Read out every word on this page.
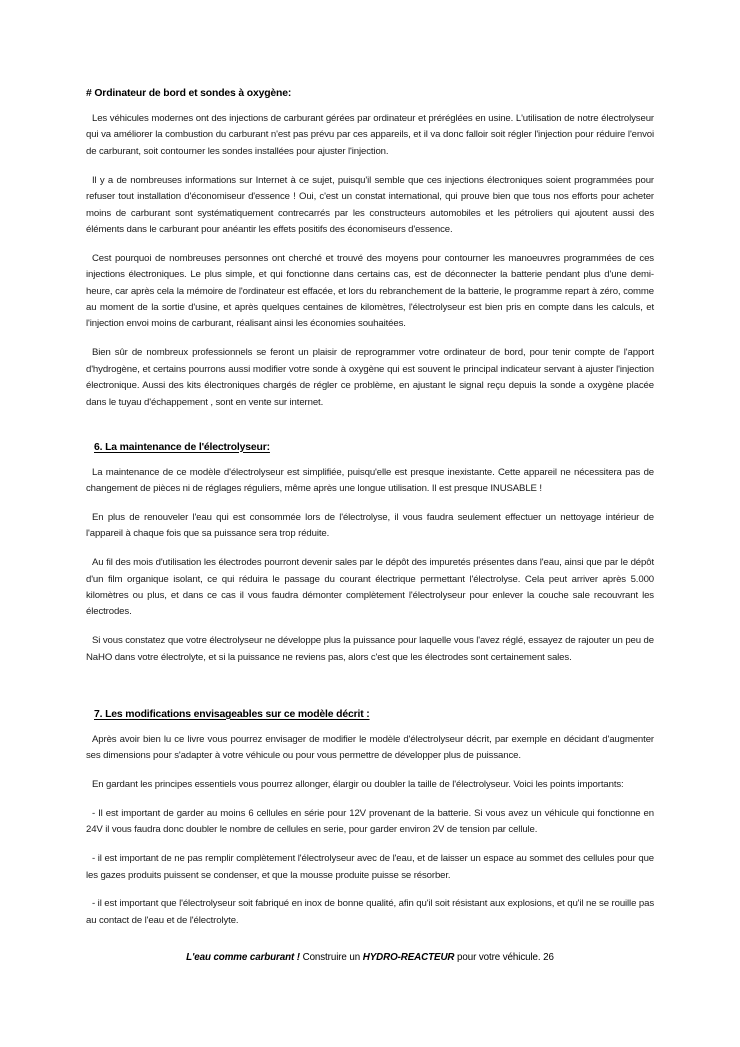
# Ordinateur de bord et sondes à oxygène:

Les véhicules modernes ont des injections de carburant gérées par ordinateur et préréglées en usine. L'utilisation de notre électrolyseur qui va améliorer la combustion du carburant n'est pas prévu par ces appareils, et il va donc falloir soit régler l'injection pour réduire l'envoi de carburant, soit contourner les sondes installées pour ajuster l'injection.

Il y a de nombreuses informations sur Internet à ce sujet, puisqu'il semble que ces injections électroniques soient programmées pour refuser tout installation d'économiseur d'essence ! Oui, c'est un constat international, qui prouve bien que tous nos efforts pour acheter moins de carburant sont systématiquement contrecarrés par les constructeurs automobiles et les pétroliers qui ajoutent aussi des éléments dans le carburant pour anéantir les effets positifs des économiseurs d'essence.

Cest pourquoi de nombreuses personnes ont cherché et trouvé des moyens pour contourner les manoeuvres programmées de ces injections électroniques. Le plus simple, et qui fonctionne dans certains cas, est de déconnecter la batterie pendant plus d'une demi-heure, car après cela la mémoire de l'ordinateur est effacée, et lors du rebranchement de la batterie, le programme repart à zéro, comme au moment de la sortie d'usine, et après quelques centaines de kilomètres, l'électrolyseur est bien pris en compte dans les calculs, et l'injection envoi moins de carburant, réalisant ainsi les économies souhaitées.

Bien sûr de nombreux professionnels se feront un plaisir de reprogrammer votre ordinateur de bord, pour tenir compte de l'apport d'hydrogène, et certains pourrons aussi modifier votre sonde à oxygène qui est souvent le principal indicateur servant à ajuster l'injection électronique. Aussi des kits électroniques chargés de régler ce problème, en ajustant le signal reçu depuis la sonde a oxygène placée dans le tuyau d'échappement , sont en vente sur internet.

6. La maintenance de l'électrolyseur:

La maintenance de ce modèle d'électrolyseur est simplifiée, puisqu'elle est presque inexistante. Cette appareil ne nécessitera pas de changement de pièces ni de réglages réguliers, même après une longue utilisation. Il est presque INUSABLE !

En plus de renouveler l'eau qui est consommée lors de l'électrolyse, il vous faudra seulement effectuer un nettoyage intérieur de l'appareil à chaque fois que sa puissance sera trop réduite.

Au fil des mois d'utilisation les électrodes pourront devenir sales par le dépôt des impuretés présentes dans l'eau, ainsi que par le dépôt d'un film organique isolant, ce qui réduira le passage du courant électrique permettant l'électrolyse. Cela peut arriver après 5.000 kilomètres ou plus, et dans ce cas il vous faudra démonter complètement l'électrolyseur pour enlever la couche sale recouvrant les électrodes.

Si vous constatez que votre électrolyseur ne développe plus la puissance pour laquelle vous l'avez réglé, essayez de rajouter un peu de NaHO dans votre électrolyte, et si la puissance ne reviens pas, alors c'est que les électrodes sont certainement sales.

7. Les modifications envisageables sur ce modèle décrit :

Après avoir bien lu ce livre vous pourrez envisager de modifier le modèle d'électrolyseur décrit, par exemple en décidant d'augmenter ses dimensions pour s'adapter à votre véhicule ou pour vous permettre de développer plus de puissance.

En gardant les principes essentiels vous pourrez allonger, élargir ou doubler la taille de l'électrolyseur. Voici les points importants:

- Il est important de garder au moins 6 cellules en série pour 12V provenant de la batterie. Si vous avez un véhicule qui fonctionne en 24V il vous faudra donc doubler le nombre de cellules en serie, pour garder environ 2V de tension par cellule.

- il est important de ne pas remplir complètement l'électrolyseur avec de l'eau, et de laisser un espace au sommet des cellules pour que les gazes produits puissent se condenser, et que la mousse produite puisse se résorber.

- il est important que l'électrolyseur soit fabriqué en inox de bonne qualité, afin qu'il soit résistant aux explosions, et qu'il ne se rouille pas au contact de l'eau et de l'électrolyte.

L'eau comme carburant ! Construire un HYDRO-REACTEUR pour votre véhicule. 26
